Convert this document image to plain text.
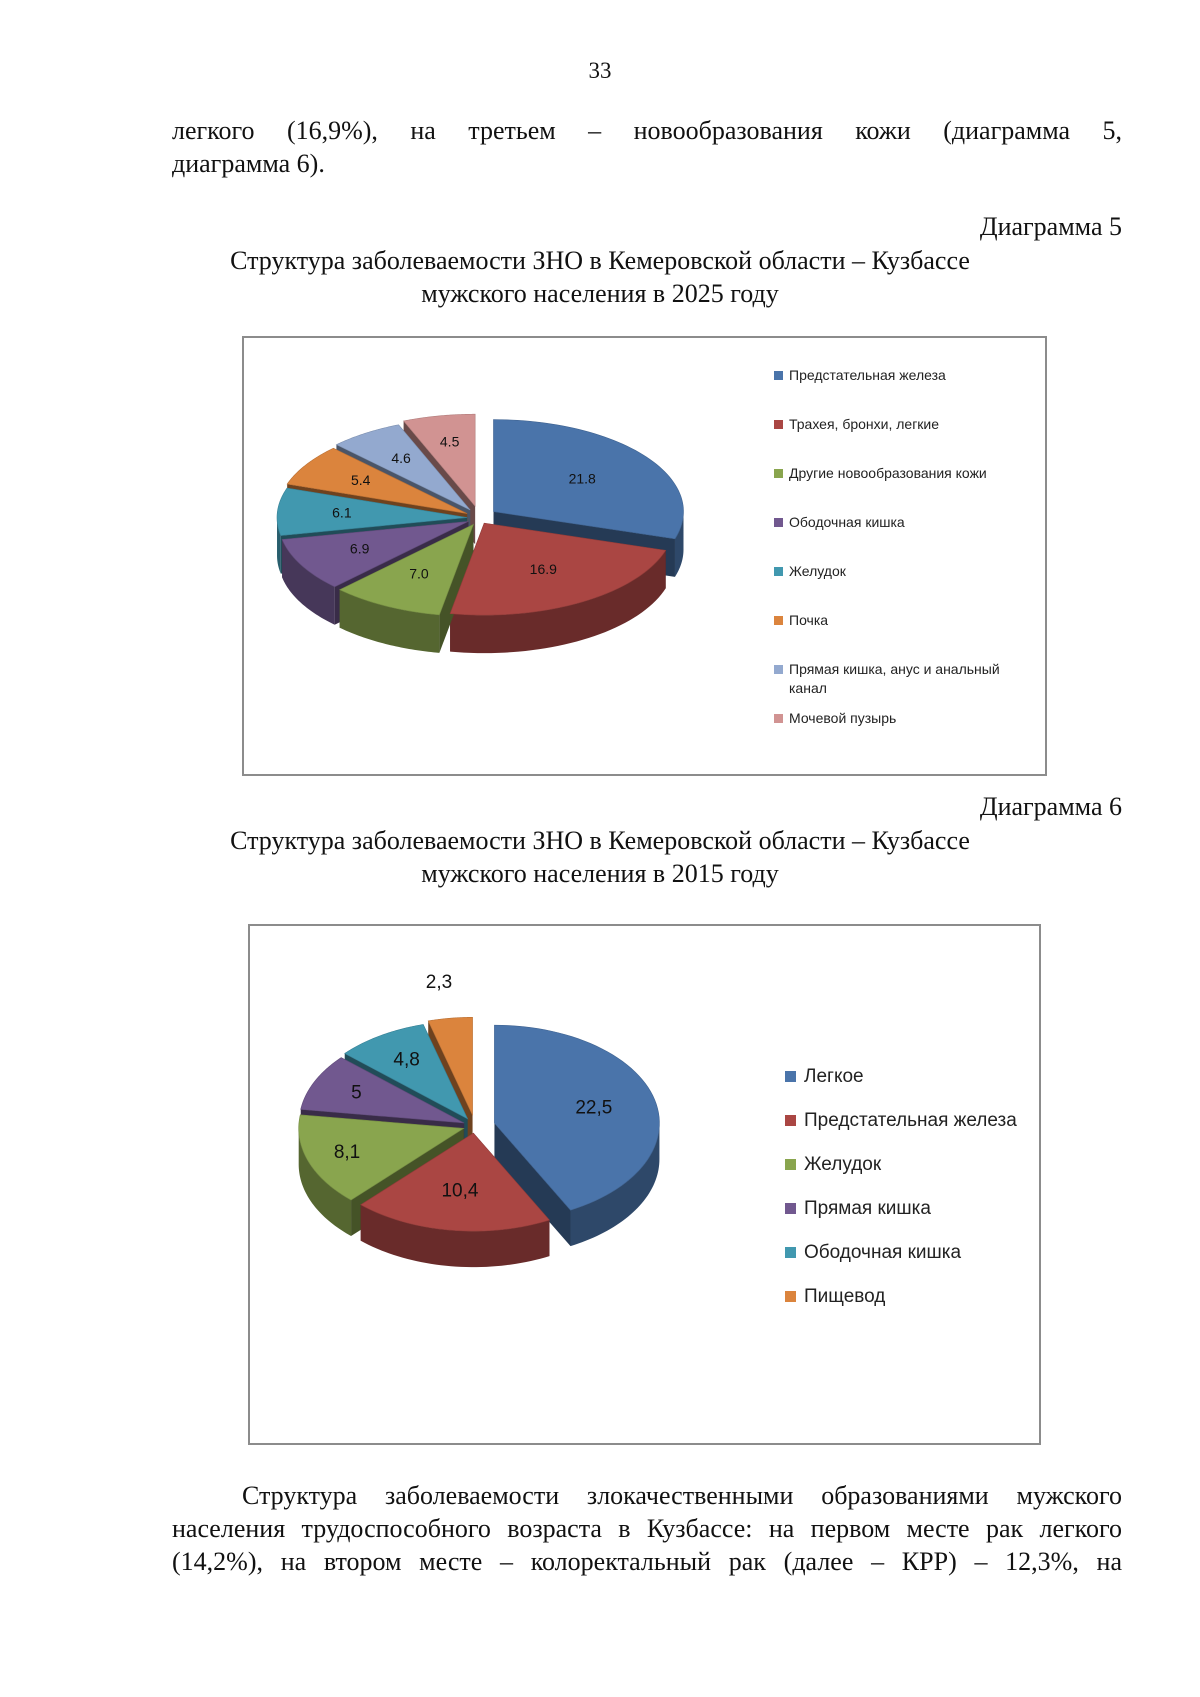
33
легкого (16,9%), на третьем – новообразования кожи (диаграмма 5,
диаграмма 6).
Диаграмма 5
Структура заболеваемости ЗНО в Кемеровской области – Кузбассе
мужского населения в 2025 году
21.8
16.9
7.0
6.9
6.1
5.4
4.6
4.5
Предстательная железа
Трахея, бронхи, легкие
Другие новообразования кожи
Ободочная кишка
Желудок
Почка
Прямая кишка, анус и анальный канал
Мочевой пузырь
Диаграмма 6
Структура заболеваемости ЗНО в Кемеровской области – Кузбассе
мужского населения в 2015 году
22,5
10,4
8,1
5
4,8
2,3
Легкое
Предстательная железа
Желудок
Прямая кишка
Ободочная кишка
Пищевод
Структура заболеваемости злокачественными образованиями мужского
населения трудоспособного возраста в Кузбассе: на первом месте рак легкого
(14,2%), на втором месте – колоректальный рак (далее – КРР) – 12,3%, на
